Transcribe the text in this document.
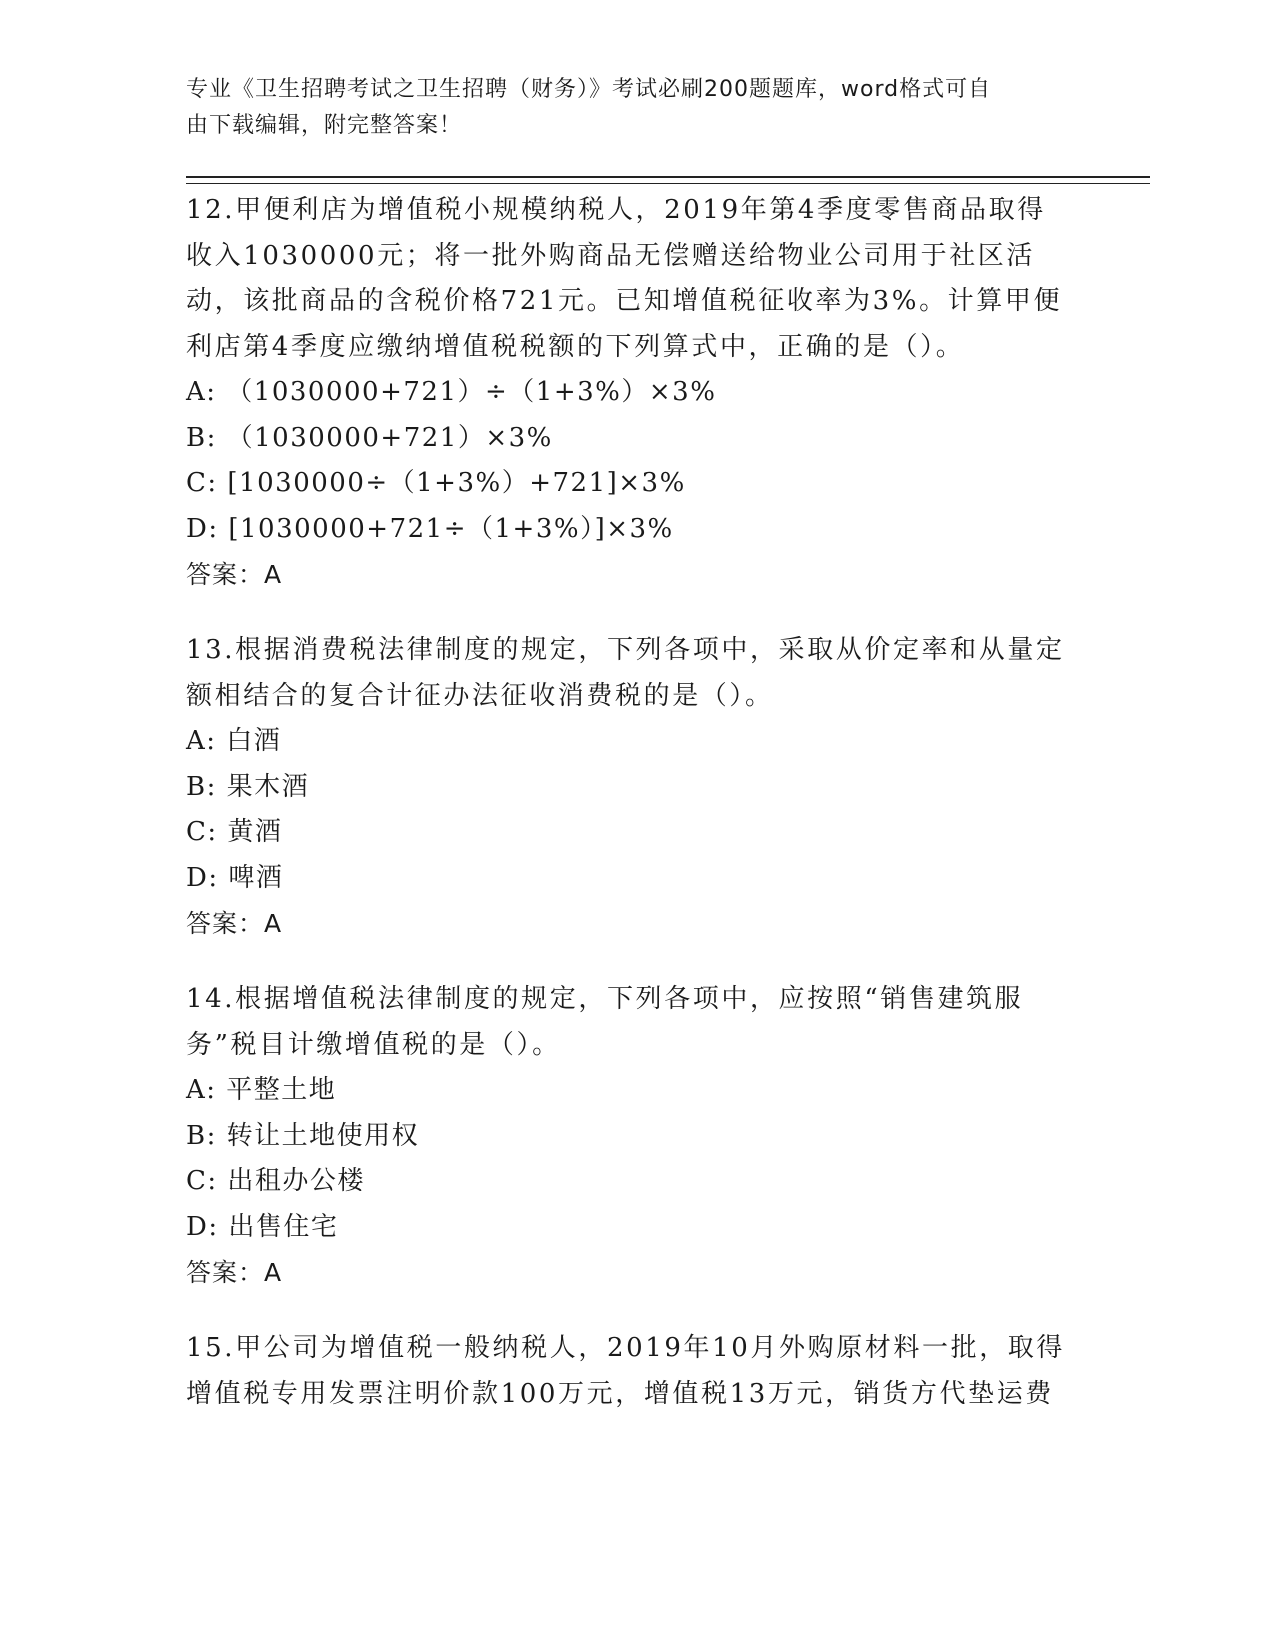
专业《卫生招聘考试之卫生招聘（财务）》考试必刷200题题库，word格式可自
由下载编辑，附完整答案！

12.甲便利店为增值税小规模纳税人，2019年第4季度零售商品取得收入1030000元；将一批外购商品无偿赠送给物业公司用于社区活动，该批商品的含税价格721元。已知增值税征收率为3%。计算甲便利店第4季度应缴纳增值税税额的下列算式中，正确的是（）。

A: （1030000+721）÷（1+3%）×3%
B: （1030000+721）×3%
C: [1030000÷（1+3%）+721]×3%
D: [1030000+721÷（1+3%）]×3%
答案：A

13.根据消费税法律制度的规定，下列各项中，采取从价定率和从量定额相结合的复合计征办法征收消费税的是（）。

A: 白酒
B: 果木酒
C: 黄酒
D: 啤酒
答案：A

14.根据增值税法律制度的规定，下列各项中，应按照“销售建筑服务”税目计缴增值税的是（）。

A: 平整土地
B: 转让土地使用权
C: 出租办公楼
D: 出售住宅
答案：A

15.甲公司为增值税一般纳税人，2019年10月外购原材料一批，取得增值税专用发票注明价款100万元，增值税13万元，销货方代垫运费
